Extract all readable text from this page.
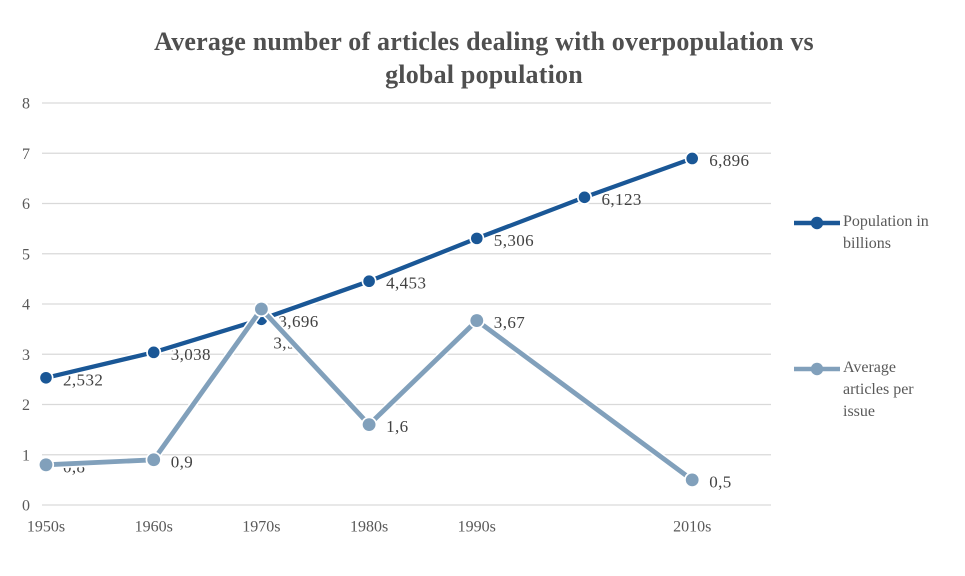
Average number of articles dealing with overpopulation vs
global population
0
1
2
3
4
5
6
7
8
1950s	1960s	1970s	1980s	1990s	2010s
2,532
3,038
3,696
4,453
5,306
6,123
6,896
0,8	0,9
3,9
1,6
3,67
0,5
Population in billions
Average articles per issue
